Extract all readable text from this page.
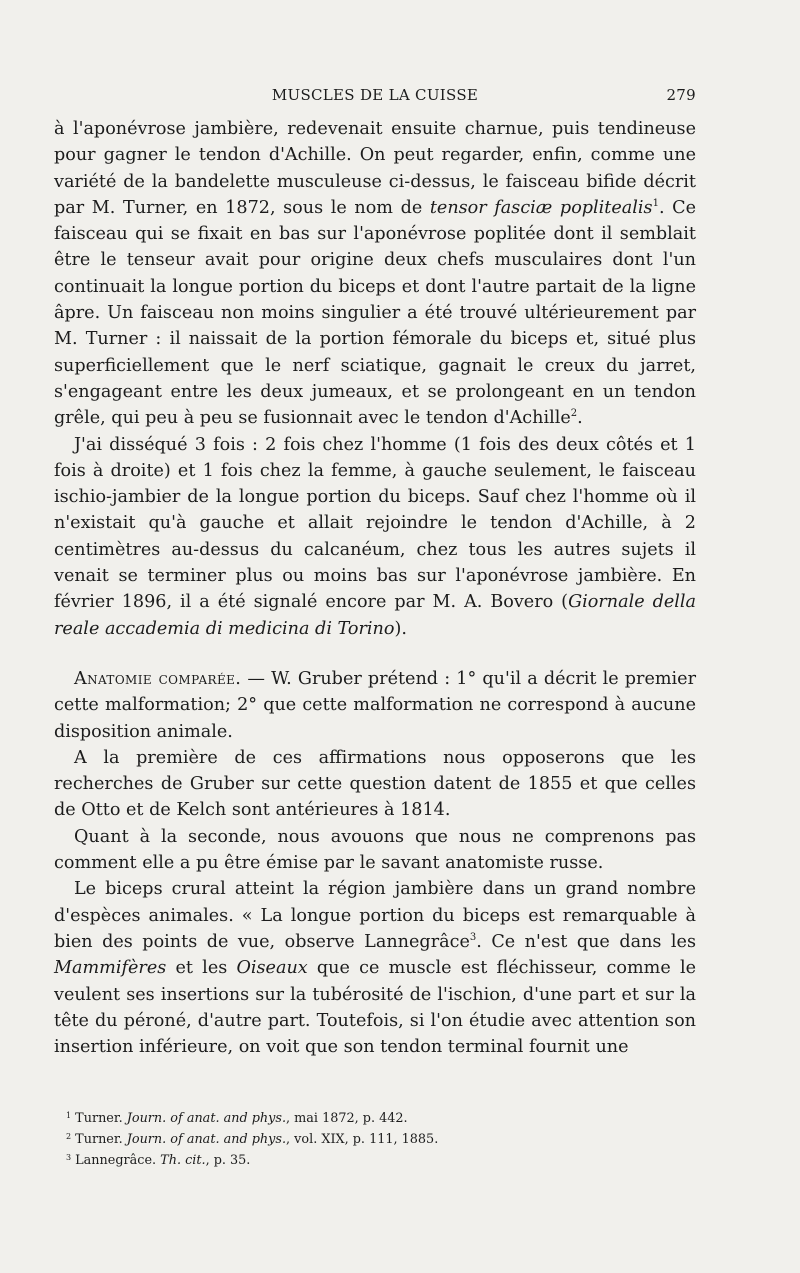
MUSCLES DE LA CUISSE	279

à l'aponévrose jambière, redevenait ensuite charnue, puis tendineuse pour gagner le tendon d'Achille. On peut regarder, enfin, comme une variété de la bandelette musculeuse ci-dessus, le faisceau bifide décrit par M. Turner, en 1872, sous le nom de tensor fasciæ poplitealis$^1$. Ce faisceau qui se fixait en bas sur l'aponévrose poplitée dont il semblait être le tenseur avait pour origine deux chefs musculaires dont l'un continuait la longue portion du biceps et dont l'autre partait de la ligne âpre. Un faisceau non moins singulier a été trouvé ultérieurement par M. Turner : il naissait de la portion fémorale du biceps et, situé plus superficiellement que le nerf sciatique, gagnait le creux du jarret, s'engageant entre les deux jumeaux, et se prolongeant en un tendon grêle, qui peu à peu se fusionnait avec le tendon d'Achille$^2$.

J'ai disséqué 3 fois : 2 fois chez l'homme (1 fois des deux côtés et 1 fois à droite) et 1 fois chez la femme, à gauche seulement, le faisceau ischio-jambier de la longue portion du biceps. Sauf chez l'homme où il n'existait qu'à gauche et allait rejoindre le tendon d'Achille, à 2 centimètres au-dessus du calcanéum, chez tous les autres sujets il venait se terminer plus ou moins bas sur l'aponévrose jambière. En février 1896, il a été signalé encore par M. A. Bovero (Giornale della reale accademia di medicina di Torino).

Anatomie comparée. — W. Gruber prétend : 1° qu'il a décrit le premier cette malformation; 2° que cette malformation ne correspond à aucune disposition animale.

A la première de ces affirmations nous opposerons que les recherches de Gruber sur cette question datent de 1855 et que celles de Otto et de Kelch sont antérieures à 1814.

Quant à la seconde, nous avouons que nous ne comprenons pas comment elle a pu être émise par le savant anatomiste russe.

Le biceps crural atteint la région jambière dans un grand nombre d'espèces animales. « La longue portion du biceps est remarquable à bien des points de vue, observe Lannegrâce$^3$. Ce n'est que dans les Mammifères et les Oiseaux que ce muscle est fléchisseur, comme le veulent ses insertions sur la tubérosité de l'ischion, d'une part et sur la tête du péroné, d'autre part. Toutefois, si l'on étudie avec attention son insertion inférieure, on voit que son tendon terminal fournit une

$^1$ Turner. Journ. of anat. and phys., mai 1872, p. 442.
$^2$ Turner. Journ. of anat. and phys., vol. XIX, p. 111, 1885.
$^3$ Lannegrâce. Th. cit., p. 35.
